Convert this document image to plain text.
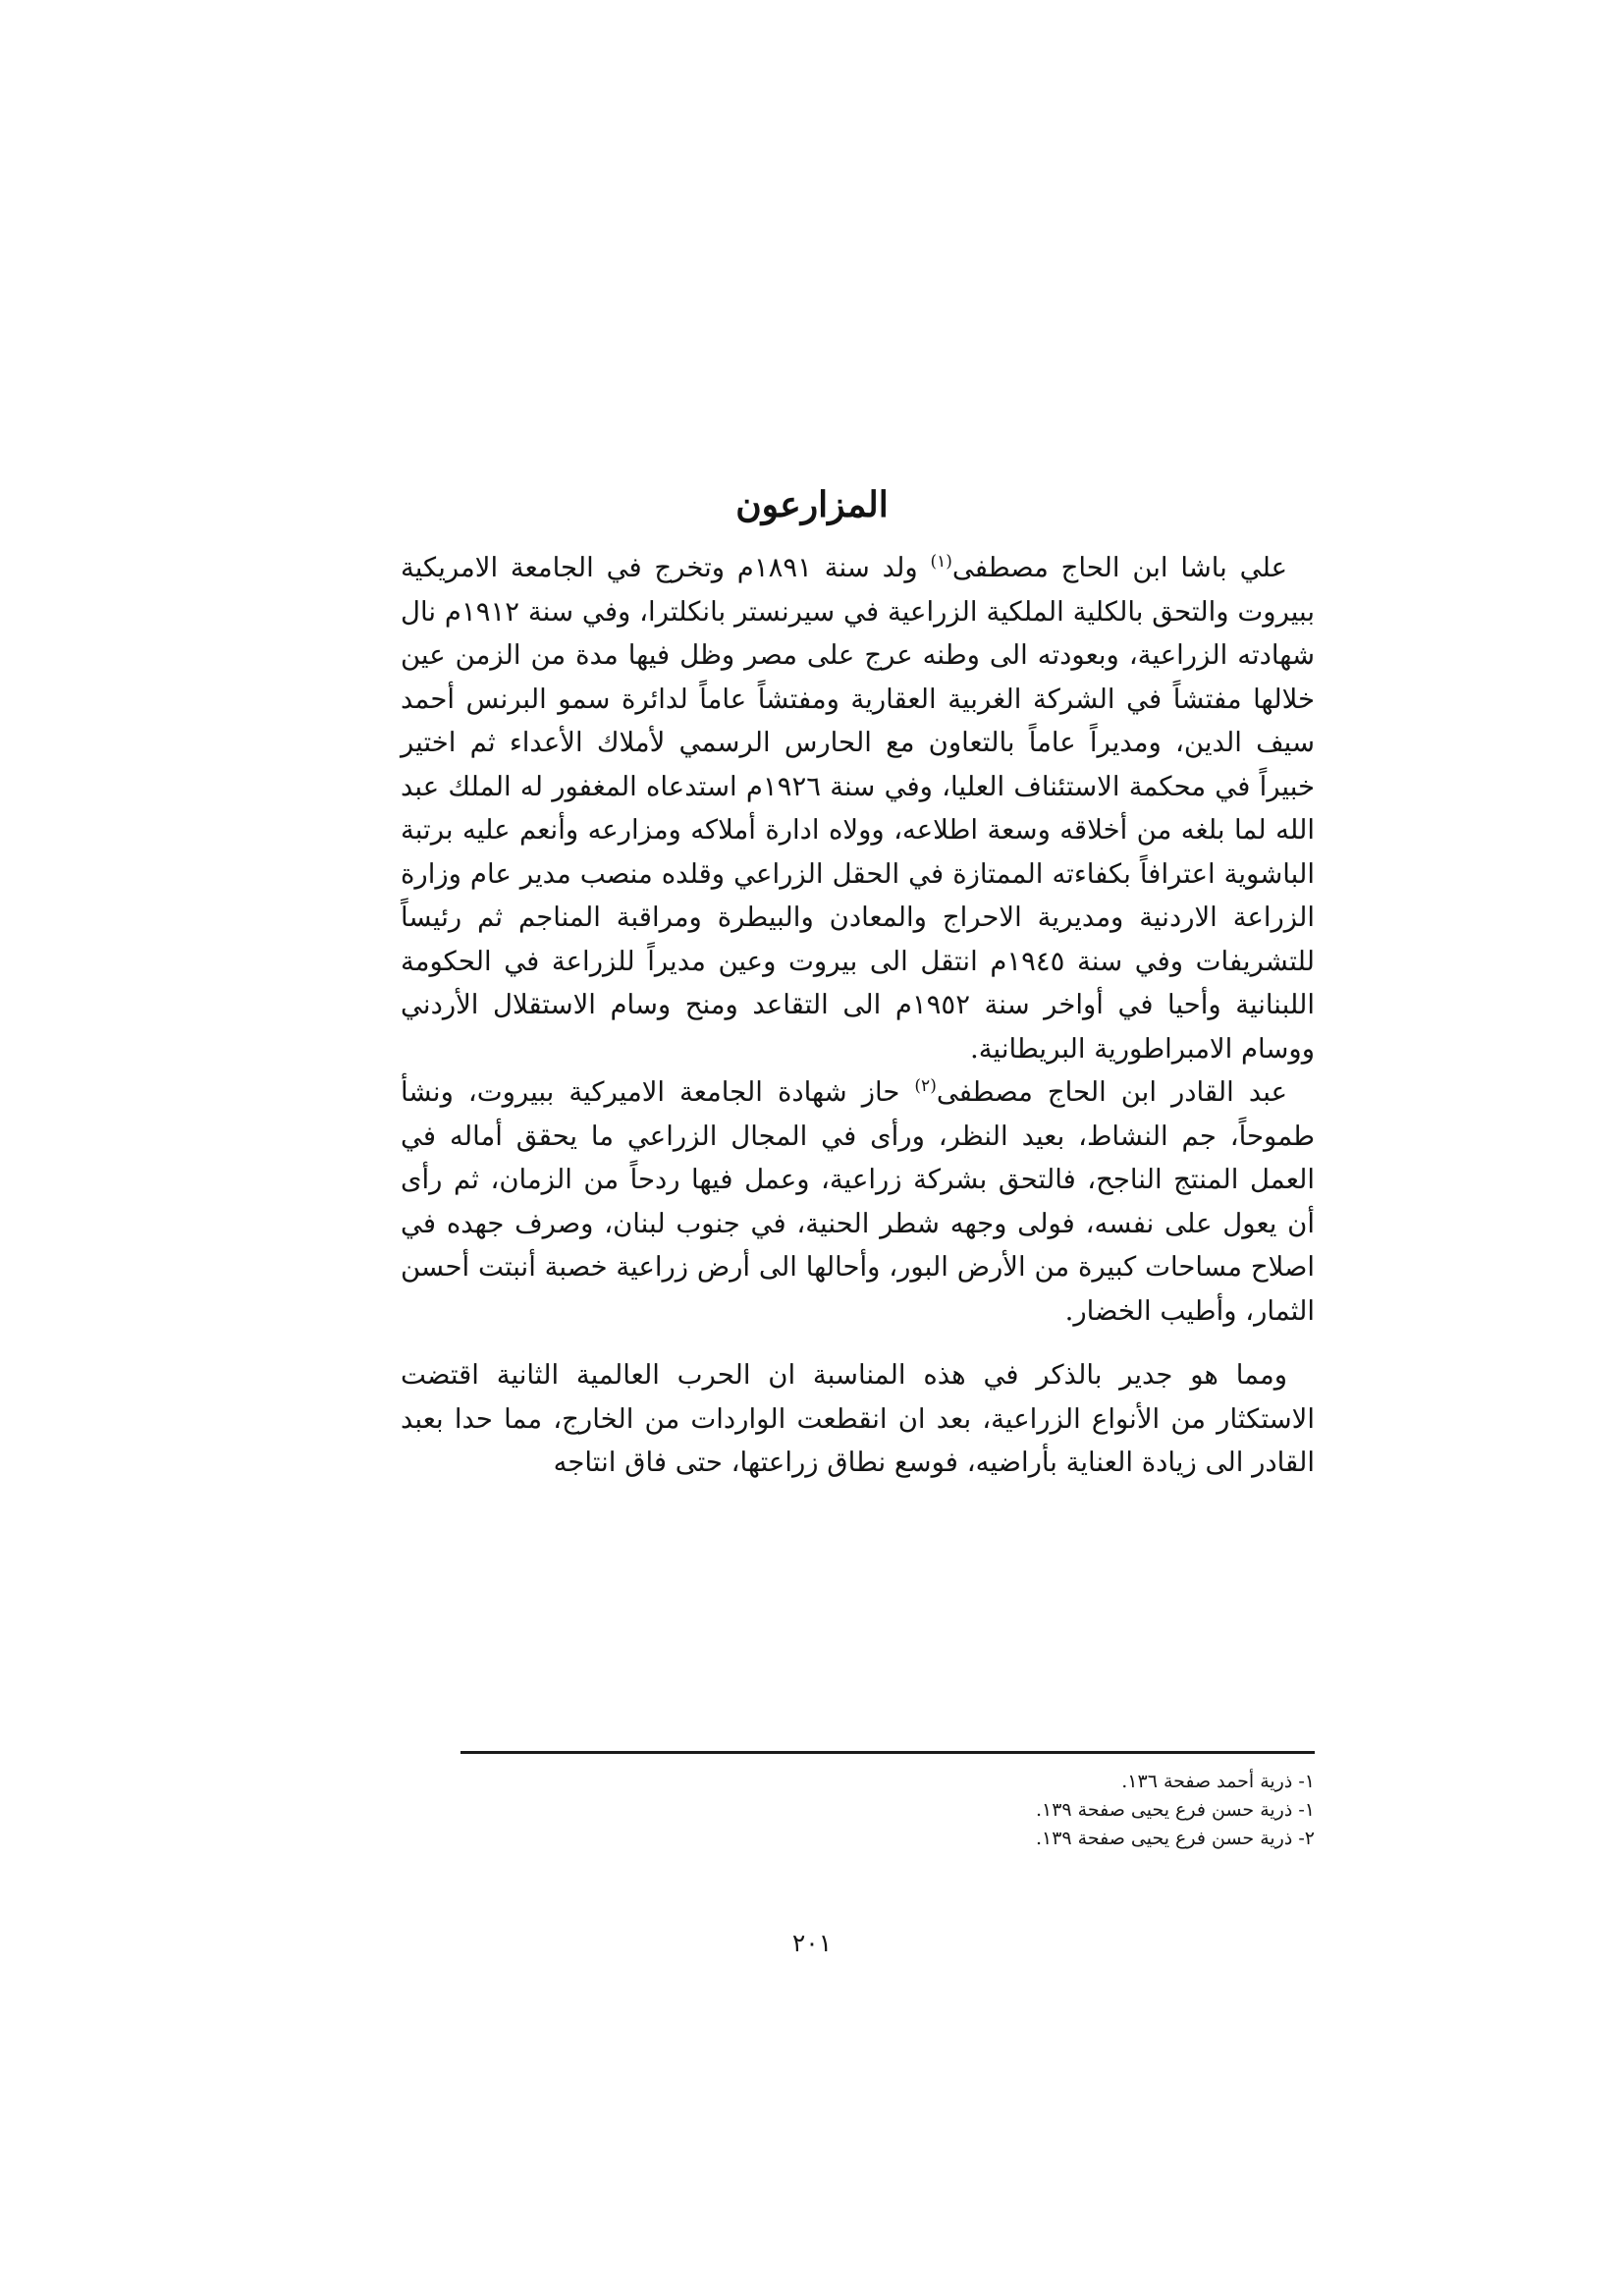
المزارعون

علي باشا ابن الحاج مصطفى$^{(١)}$ ولد سنة ١٨٩١م وتخرج في الجامعة الامريكية ببيروت والتحق بالكلية الملكية الزراعية في سيرنستر بانكلترا، وفي سنة ١٩١٢م نال شهادته الزراعية، وبعودته الى وطنه عرج على مصر وظل فيها مدة من الزمن عين خلالها مفتشاً في الشركة الغربية العقارية ومفتشاً عاماً لدائرة سمو البرنس أحمد سيف الدين، ومديراً عاماً بالتعاون مع الحارس الرسمي لأملاك الأعداء ثم اختير خبيراً في محكمة الاستئناف العليا، وفي سنة ١٩٢٦م استدعاه المغفور له الملك عبد الله لما بلغه من أخلاقه وسعة اطلاعه، وولاه ادارة أملاكه ومزارعه وأنعم عليه برتبة الباشوية اعترافاً بكفاءته الممتازة في الحقل الزراعي وقلده منصب مدير عام وزارة الزراعة الاردنية ومديرية الاحراج والمعادن والبيطرة ومراقبة المناجم ثم رئيساً للتشريفات وفي سنة ١٩٤٥م انتقل الى بيروت وعين مديراً للزراعة في الحكومة اللبنانية وأحيا في أواخر سنة ١٩٥٢م الى التقاعد ومنح وسام الاستقلال الأردني ووسام الامبراطورية البريطانية.

عبد القادر ابن الحاج مصطفى$^{(٢)}$ حاز شهادة الجامعة الاميركية ببيروت، ونشأ طموحاً، جم النشاط، بعيد النظر، ورأى في المجال الزراعي ما يحقق أماله في العمل المنتج الناجح، فالتحق بشركة زراعية، وعمل فيها ردحاً من الزمان، ثم رأى أن يعول على نفسه، فولى وجهه شطر الحنية، في جنوب لبنان، وصرف جهده في اصلاح مساحات كبيرة من الأرض البور، وأحالها الى أرض زراعية خصبة أنبتت أحسن الثمار، وأطيب الخضار.

ومما هو جدير بالذكر في هذه المناسبة ان الحرب العالمية الثانية اقتضت الاستكثار من الأنواع الزراعية، بعد ان انقطعت الواردات من الخارج، مما حدا بعبد القادر الى زيادة العناية بأراضيه، فوسع نطاق زراعتها، حتى فاق انتاجه

١- ذرية أحمد صفحة ١٣٦.

١- ذرية حسن فرع يحيى صفحة ١٣٩.

٢- ذرية حسن فرع يحيى صفحة ١٣٩.

٢٠١
